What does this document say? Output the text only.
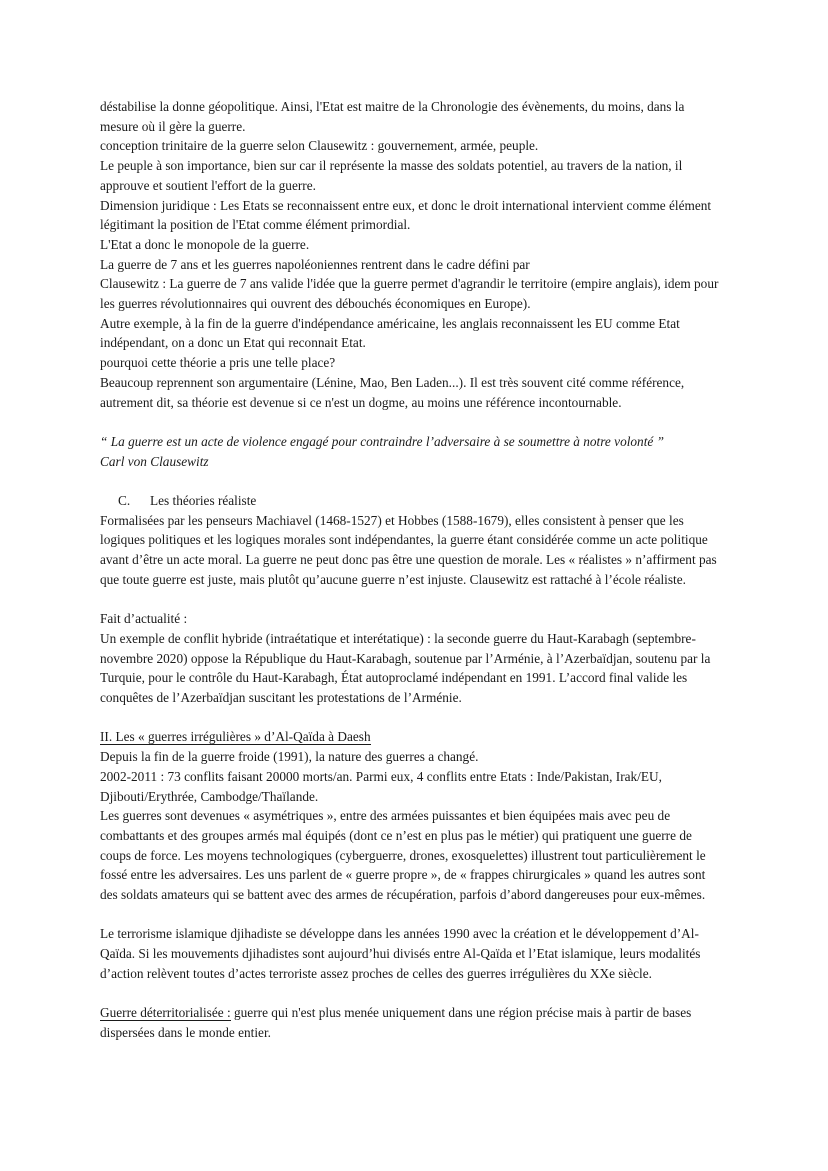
déstabilise la donne géopolitique. Ainsi, l'Etat est maitre de la Chronologie des évènements, du moins, dans la
mesure où il gère la guerre.
conception trinitaire de la guerre selon Clausewitz : gouvernement, armée, peuple.
Le peuple à son importance, bien sur car il représente la masse des soldats potentiel, au travers de la nation, il
approuve et soutient l'effort de la guerre.
Dimension juridique : Les Etats se reconnaissent entre eux, et donc le droit international intervient comme élément
légitimant la position de l'Etat comme élément primordial.
L'Etat a donc le monopole de la guerre.
La guerre de 7 ans et les guerres napoléoniennes rentrent dans le cadre défini par
Clausewitz : La guerre de 7 ans valide l'idée que la guerre permet d'agrandir le territoire (empire anglais), idem pour
les guerres révolutionnaires qui ouvrent des débouchés économiques en Europe).
Autre exemple, à la fin de la guerre d'indépendance américaine, les anglais reconnaissent les EU comme Etat
indépendant, on a donc un Etat qui reconnait Etat.
pourquoi cette théorie a pris une telle place?
Beaucoup reprennent son argumentaire (Lénine, Mao, Ben Laden...). Il est très souvent cité comme référence,
autrement dit, sa théorie est devenue si ce n'est un dogme, au moins une référence incontournable.
“ La guerre est un acte de violence engagé pour contraindre l’adversaire à se soumettre à notre volonté ”
Carl von Clausewitz
C. Les théories réaliste
Formalisées par les penseurs Machiavel (1468-1527) et Hobbes (1588-1679), elles consistent à penser que les
logiques politiques et les logiques morales sont indépendantes, la guerre étant considérée comme un acte politique
avant d’être un acte moral. La guerre ne peut donc pas être une question de morale. Les « réalistes » n’affirment pas
que toute guerre est juste, mais plutôt qu’aucune guerre n’est injuste. Clausewitz est rattaché à l’école réaliste.
Fait d’actualité :
Un exemple de conflit hybride (intraétatique et interétatique) : la seconde guerre du Haut-Karabagh (septembre-
novembre 2020) oppose la République du Haut-Karabagh, soutenue par l’Arménie, à l’Azerbaïdjan, soutenu par la
Turquie, pour le contrôle du Haut-Karabagh, État autoproclamé indépendant en 1991. L’accord final valide les
conquêtes de l’Azerbaïdjan suscitant les protestations de l’Arménie.
II. Les « guerres irrégulières » d’Al-Qaïda à Daesh
Depuis la fin de la guerre froide (1991), la nature des guerres a changé.
2002-2011 : 73 conflits faisant 20000 morts/an. Parmi eux, 4 conflits entre Etats : Inde/Pakistan, Irak/EU,
Djibouti/Erythrée, Cambodge/Thaïlande.
Les guerres sont devenues « asymétriques », entre des armées puissantes et bien équipées mais avec peu de
combattants et des groupes armés mal équipés (dont ce n’est en plus pas le métier) qui pratiquent une guerre de
coups de force. Les moyens technologiques (cyberguerre, drones, exosquelettes) illustrent tout particulièrement le
fossé entre les adversaires. Les uns parlent de « guerre propre », de « frappes chirurgicales » quand les autres sont
des soldats amateurs qui se battent avec des armes de récupération, parfois d’abord dangereuses pour eux-mêmes.
Le terrorisme islamique djihadiste se développe dans les années 1990 avec la création et le développement d’Al-
Qaïda. Si les mouvements djihadistes sont aujourd’hui divisés entre Al-Qaïda et l’Etat islamique, leurs modalités
d’action relèvent toutes d’actes terroriste assez proches de celles des guerres irrégulières du XXe siècle.
Guerre déterritorialisée : guerre qui n'est plus menée uniquement dans une région précise mais à partir de bases
dispersées dans le monde entier.
